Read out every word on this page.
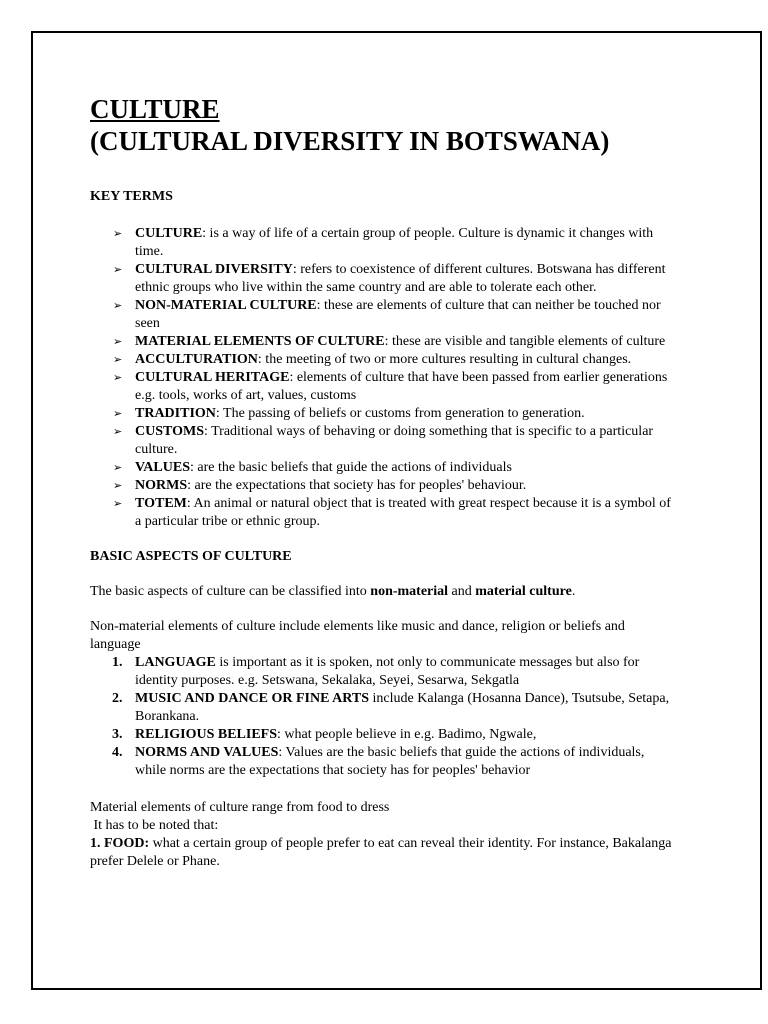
CULTURE
(CULTURAL DIVERSITY IN BOTSWANA)

KEY TERMS

➢ CULTURE: is a way of life of a certain group of people. Culture is dynamic it changes with time.
➢ CULTURAL DIVERSITY: refers to coexistence of different cultures. Botswana has different ethnic groups who live within the same country and are able to tolerate each other.
➢ NON-MATERIAL CULTURE: these are elements of culture that can neither be touched nor seen
➢ MATERIAL ELEMENTS OF CULTURE: these are visible and tangible elements of culture
➢ ACCULTURATION: the meeting of two or more cultures resulting in cultural changes.
➢ CULTURAL HERITAGE: elements of culture that have been passed from earlier generations e.g. tools, works of art, values, customs
➢ TRADITION: The passing of beliefs or customs from generation to generation.
➢ CUSTOMS: Traditional ways of behaving or doing something that is specific to a particular culture.
➢ VALUES: are the basic beliefs that guide the actions of individuals
➢ NORMS: are the expectations that society has for peoples' behaviour.
➢ TOTEM: An animal or natural object that is treated with great respect because it is a symbol of a particular tribe or ethnic group.

BASIC ASPECTS OF CULTURE

The basic aspects of culture can be classified into non-material and material culture.

Non-material elements of culture include elements like music and dance, religion or beliefs and language

1. LANGUAGE is important as it is spoken, not only to communicate messages but also for identity purposes. e.g. Setswana, Sekalaka, Seyei, Sesarwa, Sekgatla
2. MUSIC AND DANCE OR FINE ARTS include Kalanga (Hosanna Dance), Tsutsube, Setapa, Borankana.
3. RELIGIOUS BELIEFS: what people believe in e.g. Badimo, Ngwale,
4. NORMS AND VALUES: Values are the basic beliefs that guide the actions of individuals, while norms are the expectations that society has for peoples' behavior

Material elements of culture range from food to dress

It has to be noted that:

1. FOOD: what a certain group of people prefer to eat can reveal their identity. For instance, Bakalanga prefer Delele or Phane.
